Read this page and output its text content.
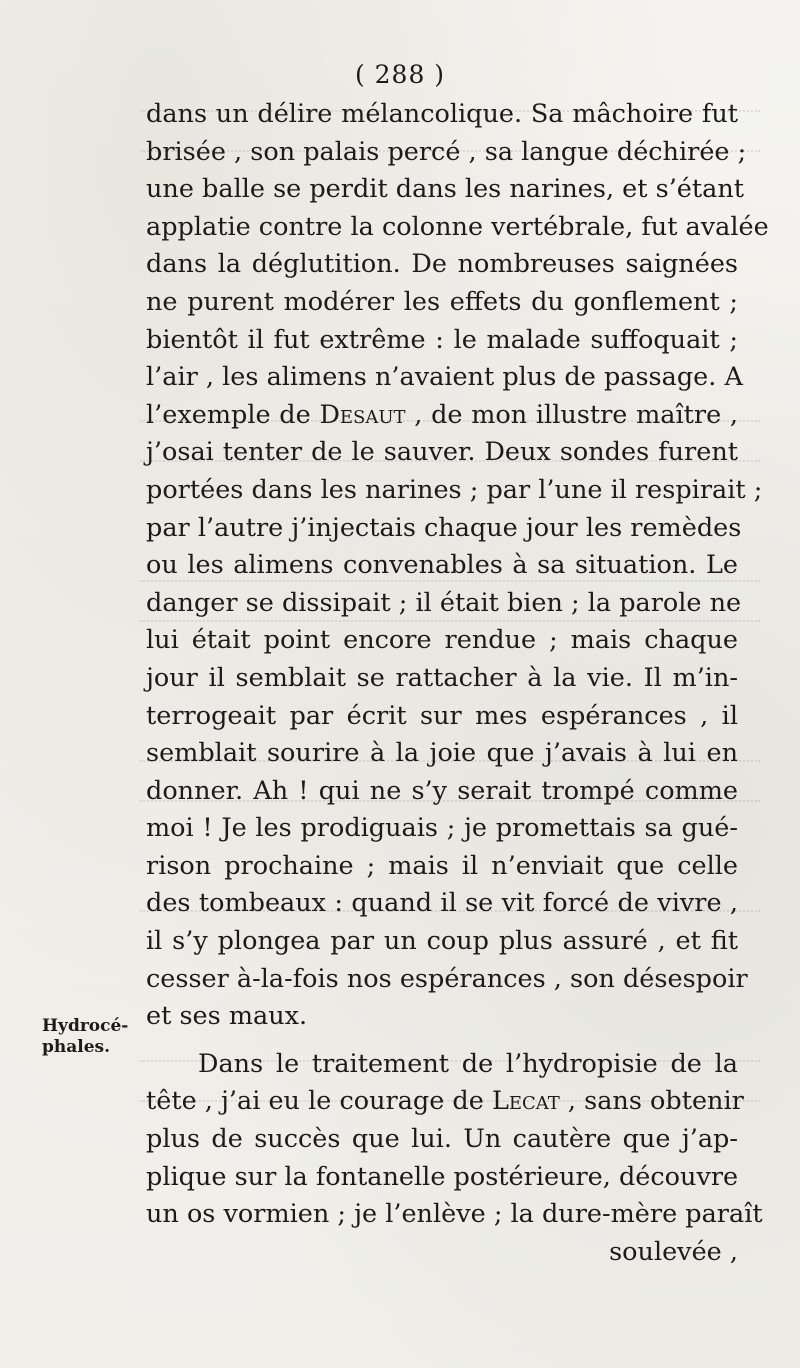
( 288 )
dans un délire mélancolique. Sa mâchoire fut
brisée , son palais percé , sa langue déchirée ;
une balle se perdit dans les narines, et s’étant
applatie contre la colonne vertébrale, fut avalée
dans la déglutition. De nombreuses saignées
ne purent modérer les effets du gonflement ;
bientôt il fut extrême : le malade suffoquait ;
l’air , les alimens n’avaient plus de passage. A
l’exemple de Desaut , de mon illustre maître ,
j’osai tenter de le sauver. Deux sondes furent
portées dans les narines ; par l’une il respirait ;
par l’autre j’injectais chaque jour les remèdes
ou les alimens convenables à sa situation. Le
danger se dissipait ; il était bien ; la parole ne
lui était point encore rendue ; mais chaque
jour il semblait se rattacher à la vie. Il m’in-
terrogeait par écrit sur mes espérances , il
semblait sourire à la joie que j’avais à lui en
donner. Ah ! qui ne s’y serait trompé comme
moi ! Je les prodiguais ; je promettais sa gué-
rison prochaine ; mais il n’enviait que celle
des tombeaux : quand il se vit forcé de vivre ,
il s’y plongea par un coup plus assuré , et fit
cesser à-la-fois nos espérances , son désespoir
et ses maux.
Dans le traitement de l’hydropisie de la
tête , j’ai eu le courage de Lecat , sans obtenir
plus de succès que lui. Un cautère que j’ap-
plique sur la fontanelle postérieure, découvre
un os vormien ; je l’enlève ; la dure-mère paraît
soulevée ,
Hydrocé-
phales.
